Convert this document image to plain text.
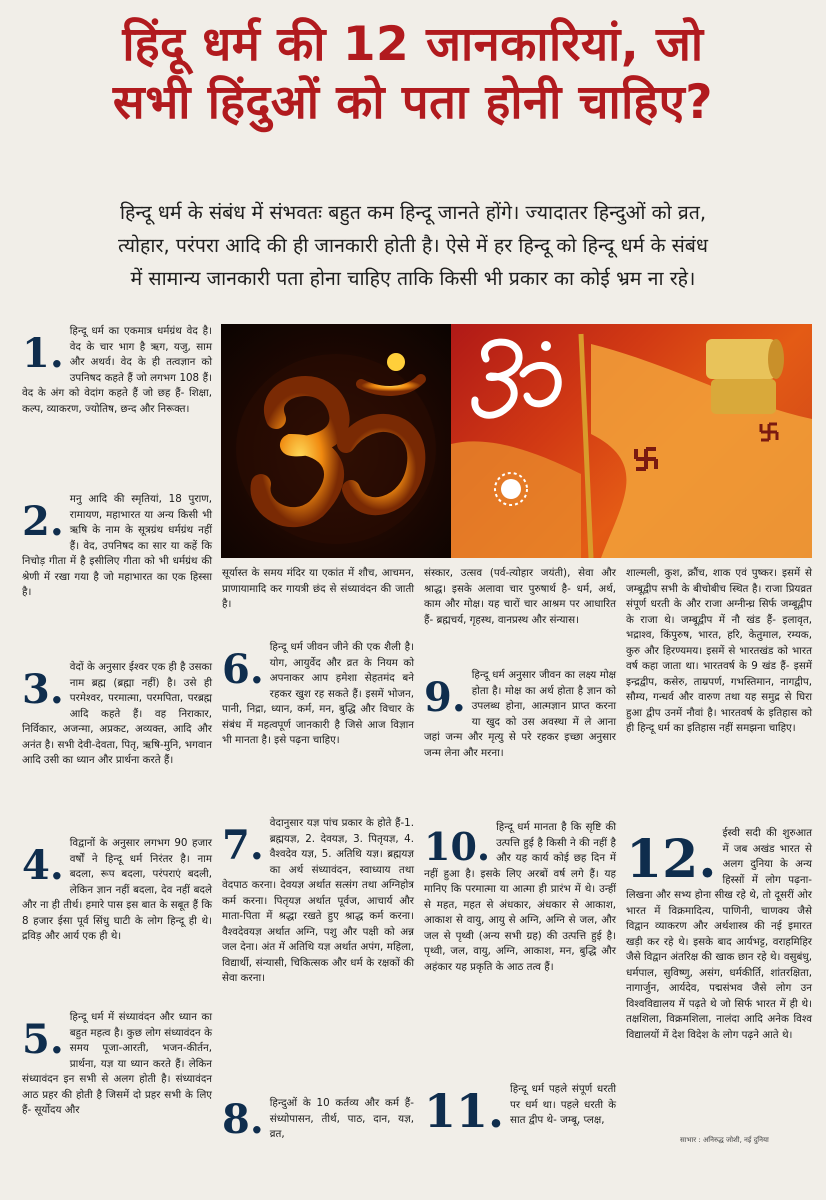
हिंदू धर्म की 12 जानकारियां, जो
सभी हिंदुओं को पता होनी चाहिए?
हिन्दू धर्म के संबंध में संभवतः बहुत कम हिन्दू जानते होंगे। ज्यादातर हिन्दुओं को व्रत,
त्योहार, परंपरा आदि की ही जानकारी होती है। ऐसे में हर हिन्दू को हिन्दू धर्म के संबंध
में सामान्य जानकारी पता होना चाहिए ताकि किसी भी प्रकार का कोई भ्रम ना रहे।
1. हिन्दू धर्म का एकमात्र धर्मग्रंथ वेद है। वेद के चार भाग है ऋग, यजु, साम और अथर्व। वेद के ही तत्वज्ञान को उपनिषद कहते हैं जो लगभग 108 हैं। वेद के अंग को वेदांग कहते हैं जो छह हैं- शिक्षा, कल्प, व्याकरण, ज्योतिष, छन्द और निरूक्त।
2. मनु आदि की स्मृतियां, 18 पुराण, रामायण, महाभारत या अन्य किसी भी ऋषि के नाम के सूत्रग्रंथ धर्मग्रंथ नहीं हैं। वेद, उपनिषद का सार या कहें कि निचोड़ गीता में है इसीलिए गीता को भी धर्मग्रंथ की श्रेणी में रखा गया है जो महाभारत का एक हिस्सा है।
3. वेदों के अनुसार ईश्वर एक ही है उसका नाम ब्रह्म (ब्रह्मा नहीं) है। उसे ही परमेश्वर, परमात्मा, परमपिता, परब्रह्म आदि कहते हैं। वह निराकार, निर्विकार, अजन्मा, अप्रकट, अव्यक्त, आदि और अनंत है। सभी देवी-देवता, पितृ, ऋषि-मुनि, भगवान आदि उसी का ध्यान और प्रार्थना करते हैं।
4. विद्वानों के अनुसार लगभग 90 हजार वर्षों ने हिन्दू धर्म निरंतर है। नाम बदला, रूप बदला, परंपराएं बदली, लेकिन ज्ञान नहीं बदला, देव नहीं बदले और ना ही तीर्थ। हमारे पास इस बात के सबूत हैं कि 8 हजार ईसा पूर्व सिंधु घाटी के लोग हिन्दू ही थे। द्रविड़ और आर्य एक ही थे।
5. हिन्दू धर्म में संध्यावंदन और ध्यान का बहुत महत्व है। कुछ लोग संध्यावंदन के समय पूजा-आरती, भजन-कीर्तन, प्रार्थना, यज्ञ या ध्यान करते हैं। लेकिन संध्यावंदन इन सभी से अलग होती है। संध्यावंदन आठ प्रहर की होती है जिसमें दो प्रहर सभी के लिए हैं- सूर्योदय और
सूर्यास्त के समय मंदिर या एकांत में शौच, आचमन, प्राणायामादि कर गायत्री छंद से संध्यावंदन की जाती है।
6. हिन्दू धर्म जीवन जीने की एक शैली है। योग, आयुर्वेद और व्रत के नियम को अपनाकर आप हमेशा सेहतमंद बने रहकर खुश रह सकते हैं। इसमें भोजन, पानी, निद्रा, ध्यान, कर्म, मन, बुद्धि और विचार के संबंध में महत्वपूर्ण जानकारी है जिसे आज विज्ञान भी मानता है। इसे पढ़ना चाहिए।
7. वेदानुसार यज्ञ पांच प्रकार के होते हैं-1. ब्रह्मयज्ञ, 2. देवयज्ञ, 3. पितृयज्ञ, 4. वैश्वदेव यज्ञ, 5. अतिथि यज्ञ। ब्रह्मयज्ञ का अर्थ संध्यावंदन, स्वाध्याय तथा वेदपाठ करना। देवयज्ञ अर्थात सत्संग तथा अग्निहोत्र कर्म करना। पितृयज्ञ अर्थात पूर्वज, आचार्य और माता-पिता में श्रद्धा रखते हुए श्राद्ध कर्म करना। वैश्वदेवयज्ञ अर्थात अग्नि, पशु और पक्षी को अन्न जल देना। अंत में अतिथि यज्ञ अर्थात अपंग, महिला, विद्यार्थी, संन्यासी, चिकित्सक और धर्म के रक्षकों की सेवा करना।
8. हिन्दुओं के 10 कर्तव्य और कर्म हैं- संध्योपासन, तीर्थ, पाठ, दान, यज्ञ, व्रत,
संस्कार, उत्सव (पर्व-त्योहार जयंती), सेवा और श्राद्ध। इसके अलावा चार पुरुषार्थ है- धर्म, अर्थ, काम और मोक्ष। यह चारों चार आश्रम पर आधारित हैं- ब्रह्मचर्य, गृहस्थ, वानप्रस्थ और संन्यास।
9. हिन्दू धर्म अनुसार जीवन का लक्ष्य मोक्ष होता है। मोक्ष का अर्थ होता है ज्ञान को उपलब्ध होना, आत्मज्ञान प्राप्त करना या खुद को उस अवस्था में ले आना जहां जन्म और मृत्यु से परे रहकर इच्छा अनुसार जन्म लेना और मरना।
10. हिन्दू धर्म मानता है कि सृष्टि की उत्पत्ति हुई है किसी ने की नहीं है और यह कार्य कोई छह दिन में नहीं हुआ है। इसके लिए अरबों वर्ष लगे हैं। यह मानिए कि परमात्मा या आत्मा ही प्रारंभ में थे। उन्हीं से महत, महत से अंधकार, अंधकार से आकाश, आकाश से वायु, आयु से अग्नि, अग्नि से जल, और जल से पृथ्वी (अन्य सभी ग्रह) की उत्पत्ति हुई है। पृथ्वी, जल, वायु, अग्नि, आकाश, मन, बुद्धि और अहंकार यह प्रकृति के आठ तत्व हैं।
11. हिन्दू धर्म पहले संपूर्ण धरती पर धर्म था। पहले धरती के सात द्वीप थे- जम्बू, प्लक्ष,
शाल्मली, कुश, क्रौंच, शाक एवं पुष्कर। इसमें से जम्बूद्वीप सभी के बीचोबीच स्थित है। राजा प्रियव्रत संपूर्ण धरती के और राजा अग्नीन्ध्र सिर्फ जम्बूद्वीप के राजा थे। जम्बूद्वीप में नौ खंड हैं- इलावृत, भद्राश्व, किंपुरुष, भारत, हरि, केतुमाल, रम्यक, कुरु और हिरण्यमय। इसमें से भारतखंड को भारत वर्ष कहा जाता था। भारतवर्ष के 9 खंड हैं- इसमें इन्द्रद्वीप, कसेरु, ताम्रपर्ण, गभस्तिमान, नागद्वीप, सौम्य, गन्धर्व और वारुण तथा यह समुद्र से घिरा हुआ द्वीप उनमें नौवां है। भारतवर्ष के इतिहास को ही हिन्दू धर्म का इतिहास नहीं समझना चाहिए।
12. ईस्वी सदी की शुरुआत में जब अखंड भारत से अलग दुनिया के अन्य हिस्सों में लोग पढ़ना-लिखना और सभ्य होना सीख रहे थे, तो दूसरीं ओर भारत में विक्रमादित्य, पाणिनी, चाणक्य जैसे विद्वान व्याकरण और अर्थशास्त्र की नई इमारत खड़ी कर रहे थे। इसके बाद आर्यभट्ट, वराहमिहिर जैसे विद्वान अंतरिक्ष की खाक छान रहे थे। वसुबंधु, धर्मपाल, सुविष्णु, असंग, धर्मकीर्ति, शांतरक्षिता, नागार्जुन, आर्यदेव, पद्मसंभव जैसे लोग उन विश्वविद्यालय में पढ़ते थे जो सिर्फ भारत में ही थे। तक्षशिला, विक्रमशिला, नालंदा आदि अनेक विश्व विद्यालयों में देश विदेश के लोग पढ़ने आते थे।
साभार : अनिरुद्ध जोशी, नई दुनिया
